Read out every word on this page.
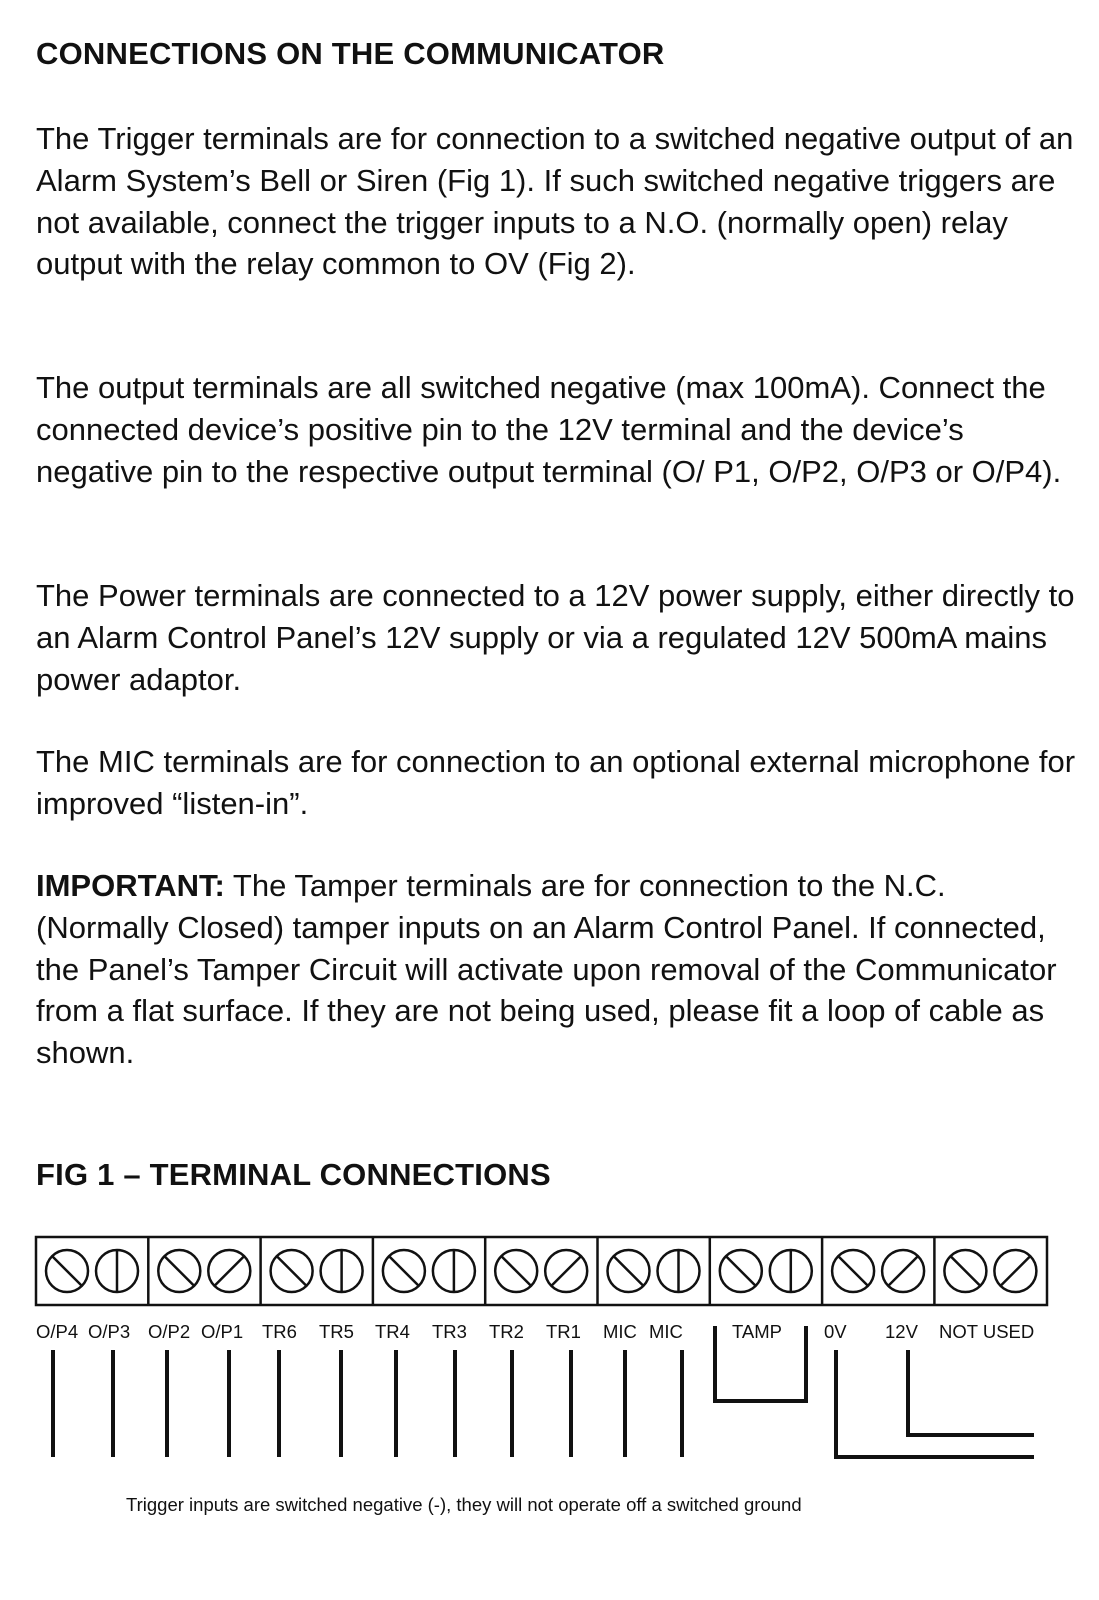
CONNECTIONS ON THE COMMUNICATOR

The Trigger terminals are for connection to a switched negative output of an Alarm System’s Bell or Siren (Fig 1). If such switched negative triggers are not available, connect the trigger inputs to a N.O. (normally open) relay output with the relay common to OV (Fig 2).

The output terminals are all switched negative (max 100mA). Connect the connected device’s positive pin to the 12V terminal and the device’s negative pin to the respective output terminal (O/ P1, O/P2, O/P3 or O/P4).

The Power terminals are connected to a 12V power supply, either directly to an Alarm Control Panel’s 12V supply or via a regulated 12V 500mA mains power adaptor.

The MIC terminals are for connection to an optional external microphone for improved “listen-in”.

IMPORTANT: The Tamper terminals are for connection to the N.C. (Normally Closed) tamper inputs on an Alarm Control Panel. If connected, the Panel’s Tamper Circuit will activate upon removal of the Communicator from a flat surface. If they are not being used, please fit a loop of cable as shown.

FIG 1 – TERMINAL CONNECTIONS
O/P4 O/P3 O/P2 O/P1 TR6 TR5 TR4 TR3 TR2 TR1 MIC MIC	TAMP 0V 12V NOT USED

Trigger inputs are switched negative (-), they will not operate off a switched ground
